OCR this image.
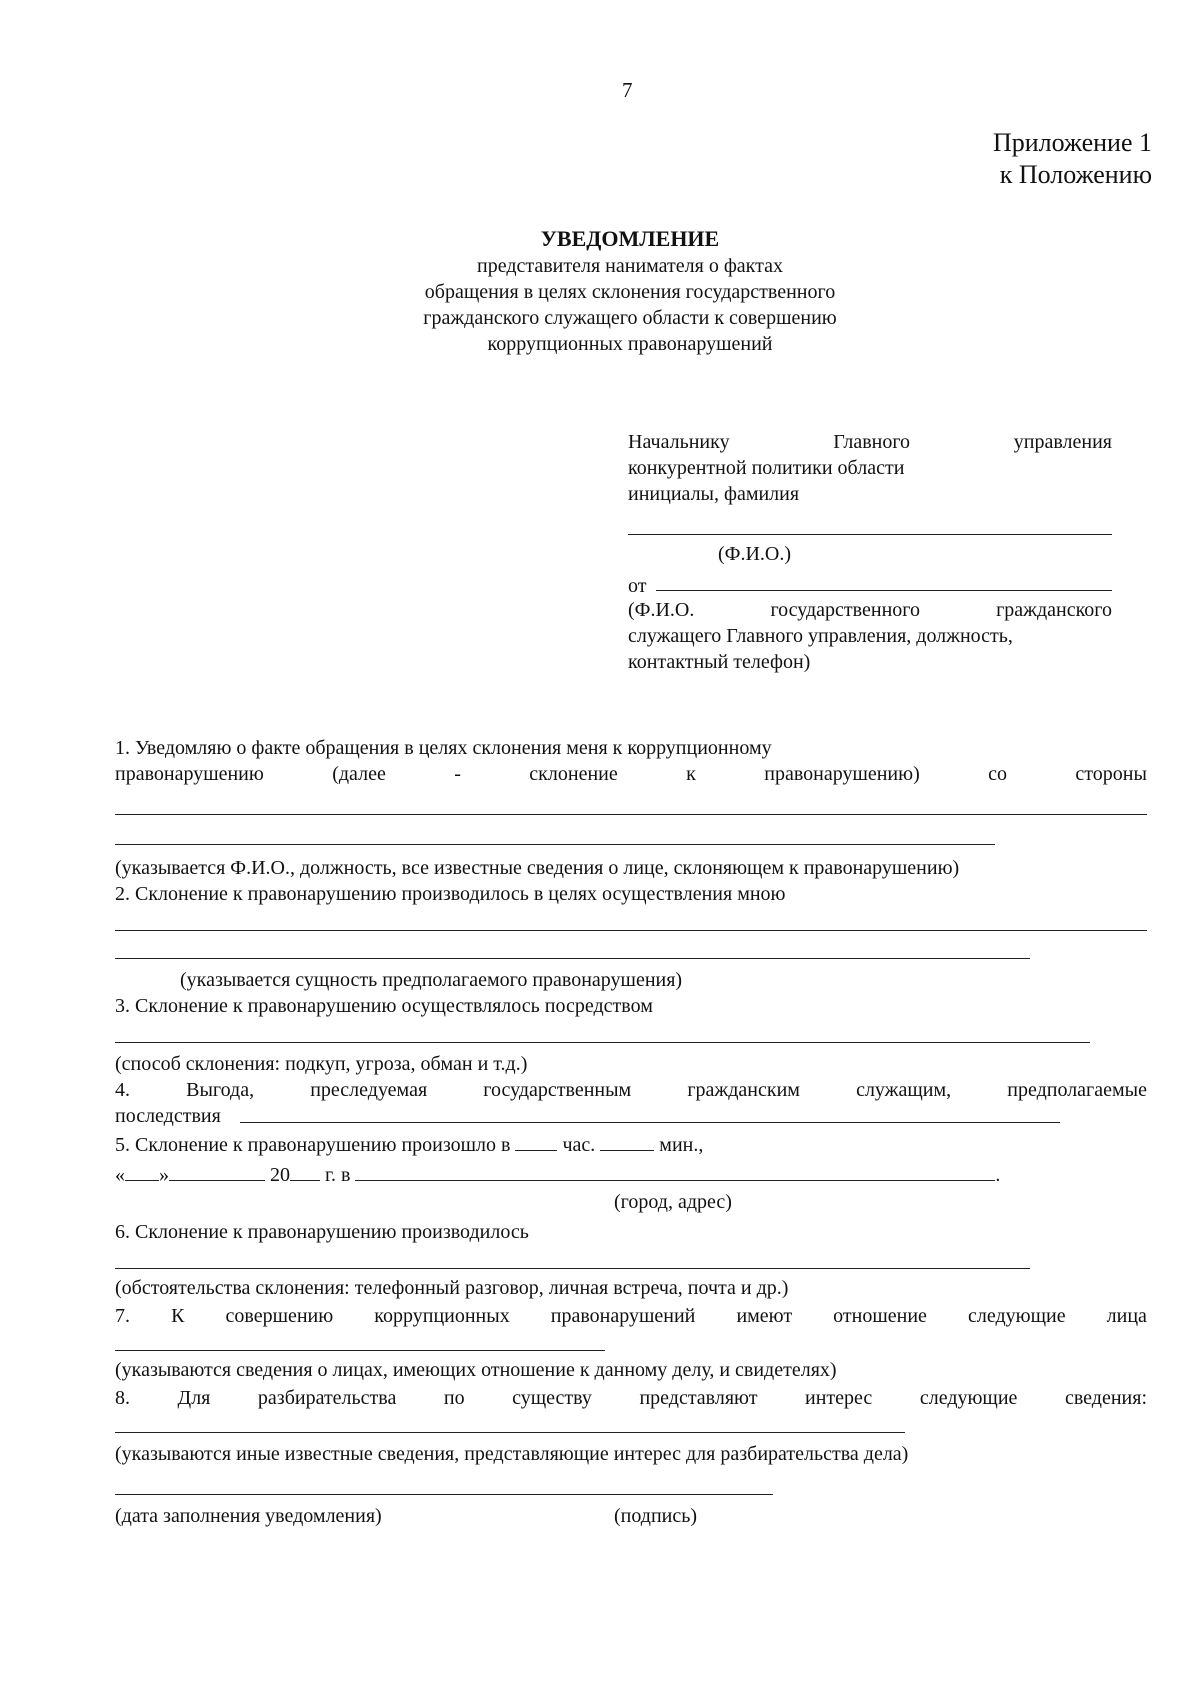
7
Приложение 1
к Положению
УВЕДОМЛЕНИЕ
представителя нанимателя о фактах
обращения в целях склонения государственного
гражданского служащего области к совершению
коррупционных правонарушений
Начальнику	Главного	управления
конкурентной политики области
инициалы, фамилия
(Ф.И.О.)
от
(Ф.И.О.	государственного	гражданского
служащего Главного управления, должность,
контактный телефон)
1. Уведомляю о факте обращения в целях склонения меня к коррупционному
правонарушению	(далее	-	склонение	к	правонарушению)	со	стороны
(указывается Ф.И.О., должность, все известные сведения о лице, склоняющем к правонарушению)
2. Склонение к правонарушению производилось в целях осуществления мною
(указывается сущность предполагаемого правонарушения)
3. Склонение к правонарушению осуществлялось посредством
(способ склонения: подкуп, угроза, обман и т.д.)
4.	Выгода,	преследуемая	государственным	гражданским	служащим,	предполагаемые
последствия
5. Склонение к правонарушению произошло в	час.	мин.,
« »	20 г. в	.
(город, адрес)
6. Склонение к правонарушению производилось
(обстоятельства склонения: телефонный разговор, личная встреча, почта и др.)
7. К совершению коррупционных правонарушений имеют отношение следующие лица
(указываются сведения о лицах, имеющих отношение к данному делу, и свидетелях)
8. Для разбирательства по существу представляют интерес следующие сведения:
(указываются иные известные сведения, представляющие интерес для разбирательства дела)
(дата заполнения уведомления)	(подпись)
